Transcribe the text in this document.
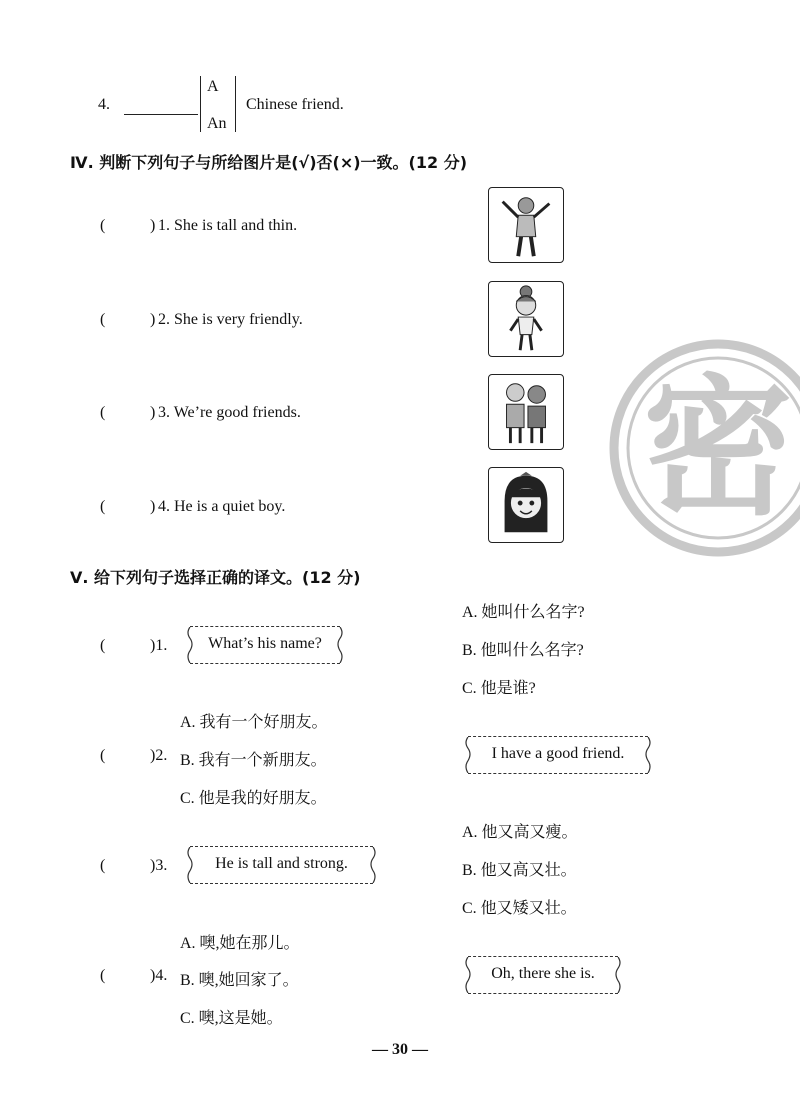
4.
A
An
Chinese friend.
Ⅳ. 判断下列句子与所给图片是(√)否(×)一致。(12 分)
(	) 1. She is tall and thin.
(	) 2. She is very friendly.
(	) 3. We’re good friends.
(	) 4. He is a quiet boy. 密
Ⅴ. 给下列句子选择正确的译文。(12 分)
A. 她叫什么名字?
(	)1.	What’s his name?	B. 他叫什么名字?
C. 他是谁?
A. 我有一个好朋友。
(	)2. B. 我有一个新朋友。
C. 他是我的好朋友。
I have a good friend.
A. 他又高又瘦。
(	)3.	He is tall and strong.	B. 他又高又壮。
C. 他又矮又壮。
A. 噢,她在那儿。
(	)4. B. 噢,她回家了。
C. 噢,这是她。
Oh, there she is.
— 30 —
